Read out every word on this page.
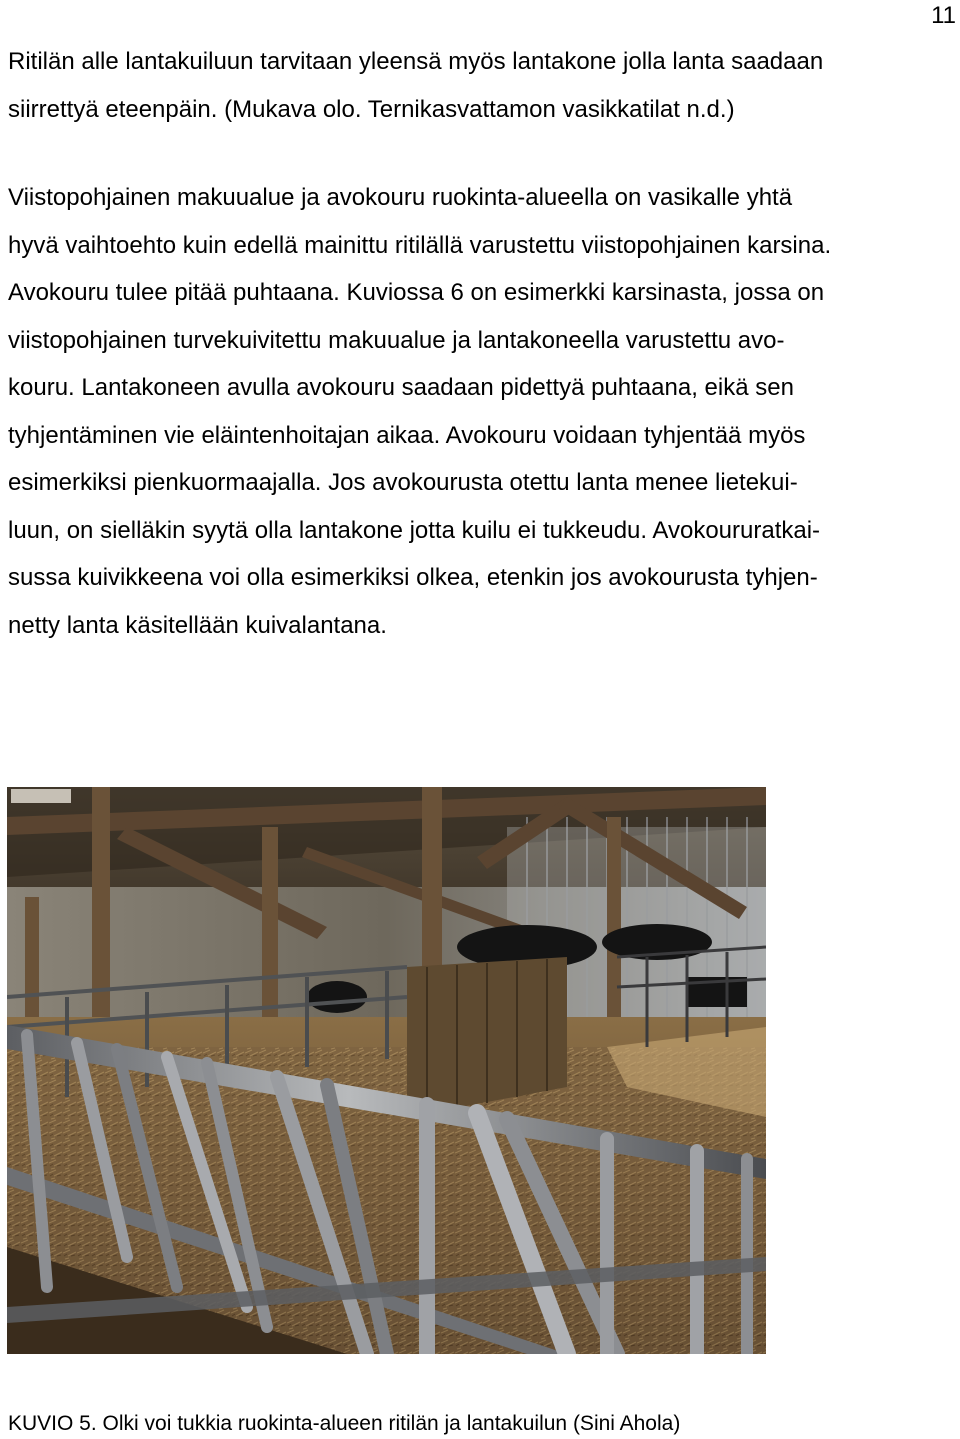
11

Ritilän alle lantakuiluun tarvitaan yleensä myös lantakone jolla lanta saadaan
siirrettyä eteenpäin. (Mukava olo. Ternikasvattamon vasikkatilat n.d.)

Viistopohjainen makuualue ja avokouru ruokinta-alueella on vasikalle yhtä
hyvä vaihtoehto kuin edellä mainittu ritilällä varustettu viistopohjainen karsina.
Avokouru tulee pitää puhtaana. Kuviossa 6 on esimerkki karsinasta, jossa on
viistopohjainen turvekuivitettu makuualue ja lantakoneella varustettu avo-
kouru. Lantakoneen avulla avokouru saadaan pidettyä puhtaana, eikä sen
tyhjentäminen vie eläintenhoitajan aikaa. Avokouru voidaan tyhjentää myös
esimerkiksi pienkuormaajalla. Jos avokourusta otettu lanta menee lietekui-
luun, on sielläkin syytä olla lantakone jotta kuilu ei tukkeudu. Avokoururatkai-
sussa kuivikkeena voi olla esimerkiksi olkea, etenkin jos avokourusta tyhjen-
netty lanta käsitellään kuivalantana.

KUVIO 5. Olki voi tukkia ruokinta-alueen ritilän ja lantakuilun (Sini Ahola)
